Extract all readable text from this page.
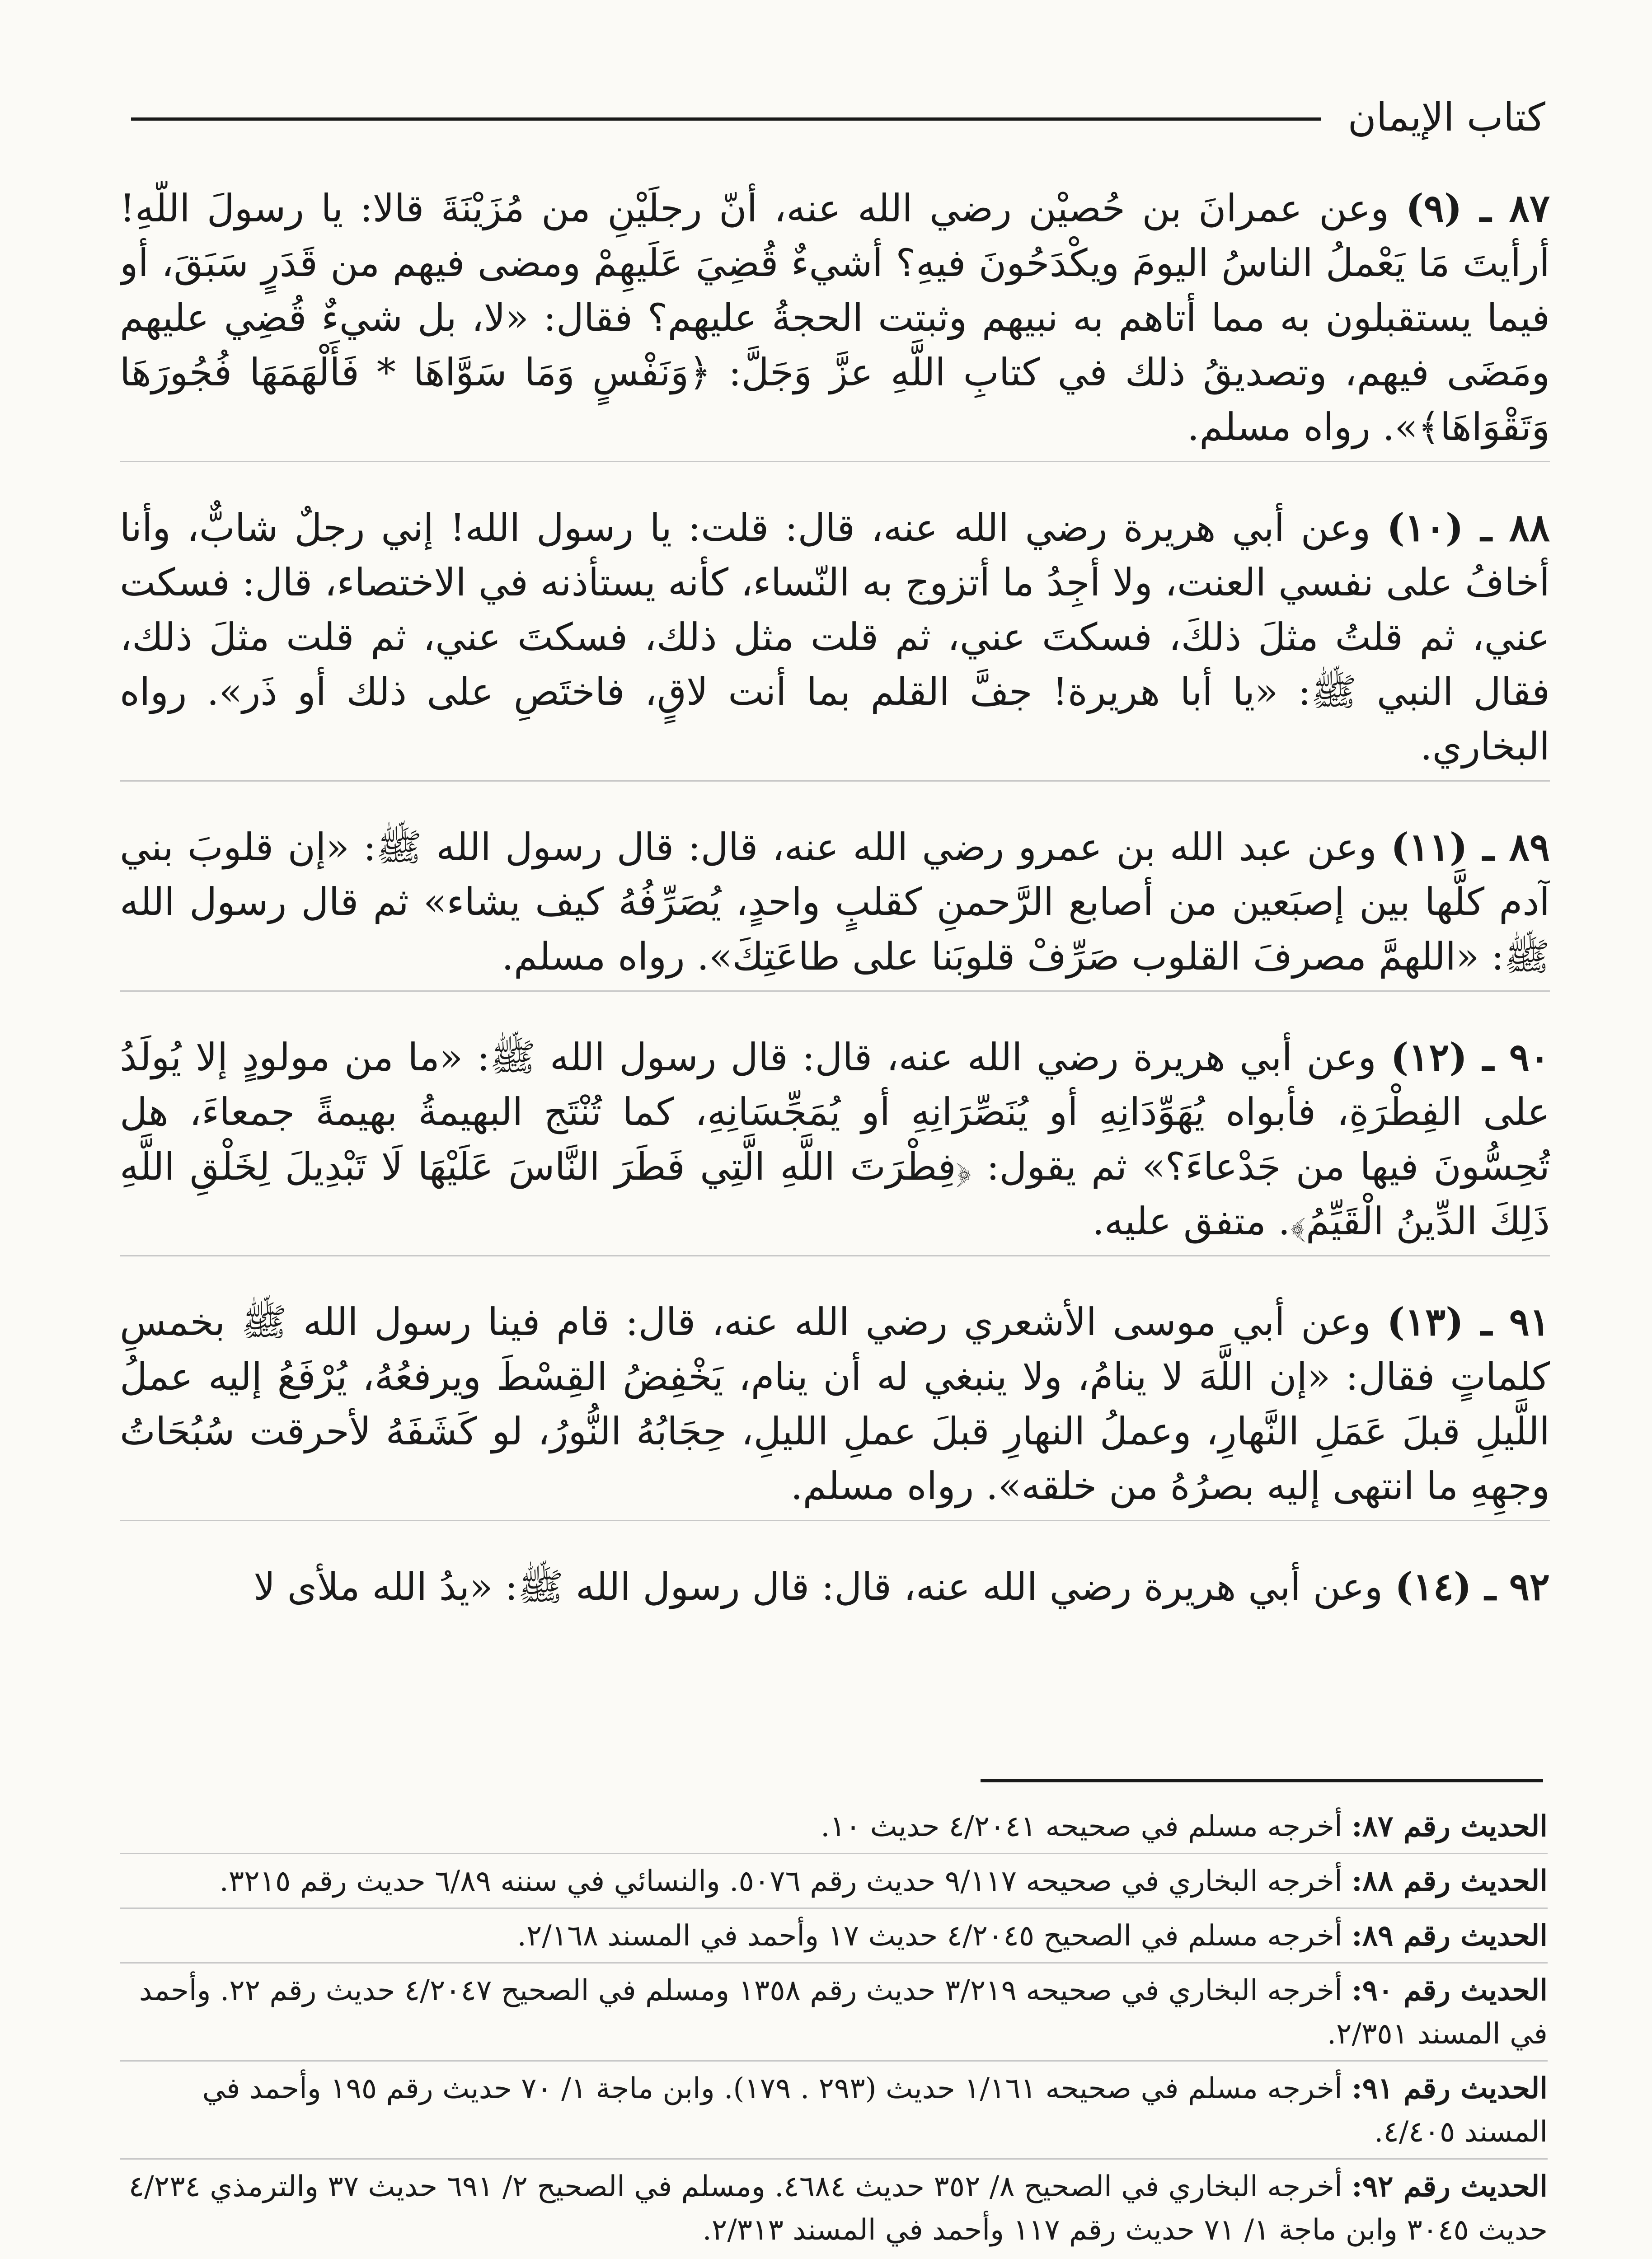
كتاب الإيمان

٨٧ ـ (٩) وعن عمرانَ بن حُصيْن رضي الله عنه، أنّ رجلَيْنِ من مُزَيْنَةَ قالا: يا رسولَ اللَّهِ! أرأيتَ مَا يَعْملُ الناسُ اليومَ ويكْدَحُونَ فيهِ؟ أشيءٌ قُضِيَ عَلَيهِمْ ومضى فيهم من قَدَرٍ سَبَقَ، أو فيما يستقبلون به مما أتاهم به نبيهم وثبتت الحجةُ عليهم؟ فقال: «لا، بل شيءٌ قُضِي عليهم ومَضَى فيهم، وتصديقُ ذلك في كتابِ اللَّهِ عزَّ وَجَلَّ: ﴿وَنَفْسٍ وَمَا سَوَّاهَا * فَأَلْهَمَهَا فُجُورَهَا وَتَقْوَاهَا﴾». رواه مسلم.

٨٨ ـ (١٠) وعن أبي هريرة رضي الله عنه، قال: قلت: يا رسول الله! إني رجلٌ شابٌّ، وأنا أخافُ على نفسي العنت، ولا أجِدُ ما أتزوج به النّساء، كأنه يستأذنه في الاختصاء، قال: فسكت عني، ثم قلتُ مثلَ ذلكَ، فسكتَ عني، ثم قلت مثل ذلك، فسكتَ عني، ثم قلت مثلَ ذلك، فقال النبي ﷺ: «يا أبا هريرة! جفَّ القلم بما أنت لاقٍ، فاختَصِ على ذلك أو ذَر». رواه البخاري.

٨٩ ـ (١١) وعن عبد الله بن عمرو رضي الله عنه، قال: قال رسول الله ﷺ: «إن قلوبَ بني آدم كلَّها بين إصبَعين من أصابع الرَّحمنِ كقلبٍ واحدٍ، يُصَرِّفُهُ كيف يشاء» ثم قال رسول الله ﷺ: «اللهمَّ مصرفَ القلوب صَرِّفْ قلوبَنا على طاعَتِكَ». رواه مسلم.

٩٠ ـ (١٢) وعن أبي هريرة رضي الله عنه، قال: قال رسول الله ﷺ: «ما من مولودٍ إلا يُولَدُ على الفِطْرَةِ، فأبواه يُهَوِّدَانِهِ أو يُنَصِّرَانِهِ أو يُمَجِّسَانِهِ، كما تُنْتَج البهيمةُ بهيمةً جمعاءَ، هل تُحِسُّونَ فيها من جَدْعاءَ؟» ثم يقول: ﴿فِطْرَتَ اللَّهِ الَّتِي فَطَرَ النَّاسَ عَلَيْهَا لَا تَبْدِيلَ لِخَلْقِ اللَّهِ ذَلِكَ الدِّينُ الْقَيِّمُ﴾. متفق عليه.

٩١ ـ (١٣) وعن أبي موسى الأشعري رضي الله عنه، قال: قام فينا رسول الله ﷺ بخمسِ كلماتٍ فقال: «إن اللَّهَ لا ينامُ، ولا ينبغي له أن ينام، يَخْفِضُ القِسْطَ ويرفعُهُ، يُرْفَعُ إليه عملُ اللَّيلِ قبلَ عَمَلِ النَّهارِ، وعملُ النهارِ قبلَ عملِ الليلِ، حِجَابُهُ النُّورُ، لو كَشَفَهُ لأحرقت سُبُحَاتُ وجهِهِ ما انتهى إليه بصرُهُ من خلقه». رواه مسلم.

٩٢ ـ (١٤) وعن أبي هريرة رضي الله عنه، قال: قال رسول الله ﷺ: «يدُ الله ملأى لا

الحديث رقم ٨٧: أخرجه مسلم في صحيحه ٤/٢٠٤١ حديث ١٠.
الحديث رقم ٨٨: أخرجه البخاري في صحيحه ٩/١١٧ حديث رقم ٥٠٧٦. والنسائي في سننه ٦/٨٩ حديث رقم ٣٢١٥.
الحديث رقم ٨٩: أخرجه مسلم في الصحيح ٤/٢٠٤٥ حديث ١٧ وأحمد في المسند ٢/١٦٨.
الحديث رقم ٩٠: أخرجه البخاري في صحيحه ٣/٢١٩ حديث رقم ١٣٥٨ ومسلم في الصحيح ٤/٢٠٤٧ حديث رقم ٢٢. وأحمد في المسند ٢/٣٥١.
الحديث رقم ٩١: أخرجه مسلم في صحيحه ١/١٦١ حديث (٢٩٣ . ١٧٩). وابن ماجة ١/ ٧٠ حديث رقم ١٩٥ وأحمد في المسند ٤/٤٠٥.
الحديث رقم ٩٢: أخرجه البخاري في الصحيح ٨/ ٣٥٢ حديث ٤٦٨٤. ومسلم في الصحيح ٢/ ٦٩١ حديث ٣٧ والترمذي ٤/٢٣٤ حديث ٣٠٤٥ وابن ماجة ١/ ٧١ حديث رقم ١١٧ وأحمد في المسند ٢/٣١٣.
